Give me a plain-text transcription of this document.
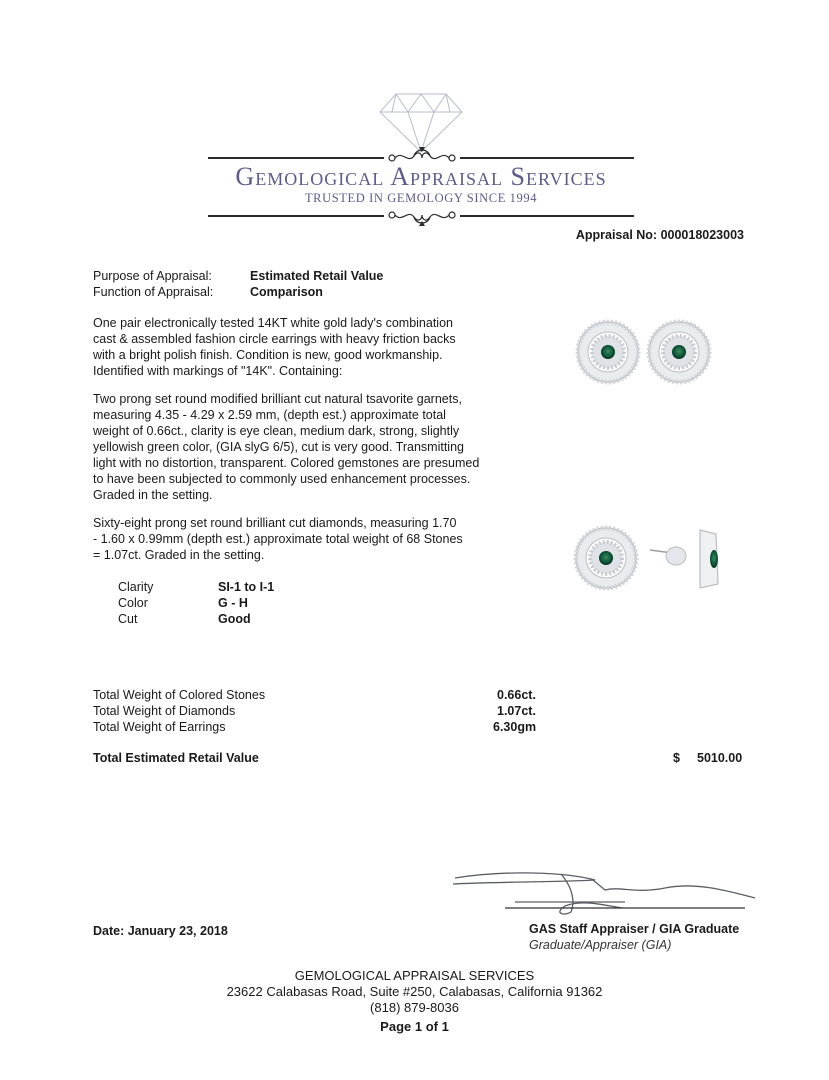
Gemological Appraisal Services
TRUSTED IN GEMOLOGY SINCE 1994
Appraisal No: 000018023003
Purpose of Appraisal:	Estimated Retail Value
Function of Appraisal:	Comparison
One pair electronically tested 14KT white gold lady's combination
cast & assembled fashion circle earrings with heavy friction backs
with a bright polish finish. Condition is new, good workmanship.
Identified with markings of "14K". Containing:
Two prong set round modified brilliant cut natural tsavorite garnets,
measuring 4.35 - 4.29 x 2.59 mm, (depth est.) approximate total
weight of 0.66ct., clarity is eye clean, medium dark, strong, slightly
yellowish green color, (GIA slyG 6/5), cut is very good. Transmitting
light with no distortion, transparent. Colored gemstones are presumed
to have been subjected to commonly used enhancement processes.
Graded in the setting.
Sixty-eight prong set round brilliant cut diamonds, measuring 1.70
- 1.60 x 0.99mm (depth est.) approximate total weight of 68 Stones
= 1.07ct. Graded in the setting.
Clarity	SI-1 to I-1
Color	G - H
Cut	Good
Total Weight of Colored Stones	0.66ct.
Total Weight of Diamonds	1.07ct.
Total Weight of Earrings	6.30gm
Total Estimated Retail Value	$ 5010.00
GAS Staff Appraiser / GIA Graduate
Graduate/Appraiser (GIA)
Date: January 23, 2018
GEMOLOGICAL APPRAISAL SERVICES
23622 Calabasas Road, Suite #250, Calabasas, California 91362
(818) 879-8036
Page 1 of 1
